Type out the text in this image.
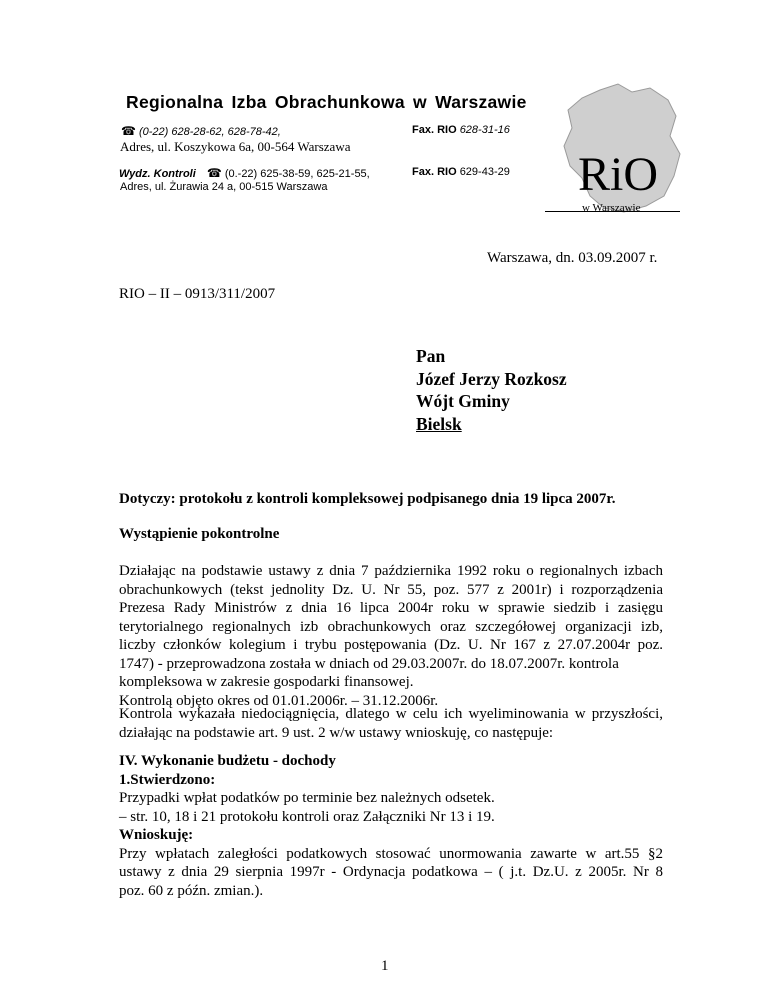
Regionalna Izba Obrachunkowa w Warszawie
☎ (0-22) 628-28-62, 628-78-42,	Fax. RIO 628-31-16
Adres, ul. Koszykowa 6a, 00-564 Warszawa
Wydz. Kontroli ☎ (0.-22) 625-38-59, 625-21-55,	Fax. RIO 629-43-29
Adres, ul. Żurawia 24 a, 00-515 Warszawa	RiO
w Warszawie
Warszawa, dn. 03.09.2007 r.
RIO – II – 0913/311/2007
Pan
Józef Jerzy Rozkosz
Wójt Gminy
Bielsk
Dotyczy: protokołu z kontroli kompleksowej podpisanego dnia 19 lipca 2007r.
Wystąpienie pokontrolne
Działając na podstawie ustawy z dnia 7 października 1992 roku o regionalnych izbach
obrachunkowych (tekst jednolity Dz. U. Nr 55, poz. 577 z 2001r) i rozporządzenia
Prezesa Rady Ministrów z dnia 16 lipca 2004r roku w sprawie siedzib i zasięgu
terytorialnego regionalnych izb obrachunkowych oraz szczegółowej organizacji izb,
liczby członków kolegium i trybu postępowania (Dz. U. Nr 167 z 27.07.2004r poz.
1747) - przeprowadzona została w dniach od 29.03.2007r. do 18.07.2007r. kontrola
kompleksowa w zakresie gospodarki finansowej.
Kontrolą objęto okres od 01.01.2006r. – 31.12.2006r.
Kontrola wykazała niedociągnięcia, dlatego w celu ich wyeliminowania w przyszłości,
działając na podstawie art. 9 ust. 2 w/w ustawy wnioskuję, co następuje:
IV. Wykonanie budżetu - dochody
1.Stwierdzono:
Przypadki wpłat podatków po terminie bez należnych odsetek.
– str. 10, 18 i 21 protokołu kontroli oraz Załączniki Nr 13 i 19.
Wnioskuję:
Przy wpłatach zaległości podatkowych stosować unormowania zawarte w art.55 §2
ustawy z dnia 29 sierpnia 1997r - Ordynacja podatkowa – ( j.t. Dz.U. z 2005r. Nr 8
poz. 60 z późn. zmian.).
1
